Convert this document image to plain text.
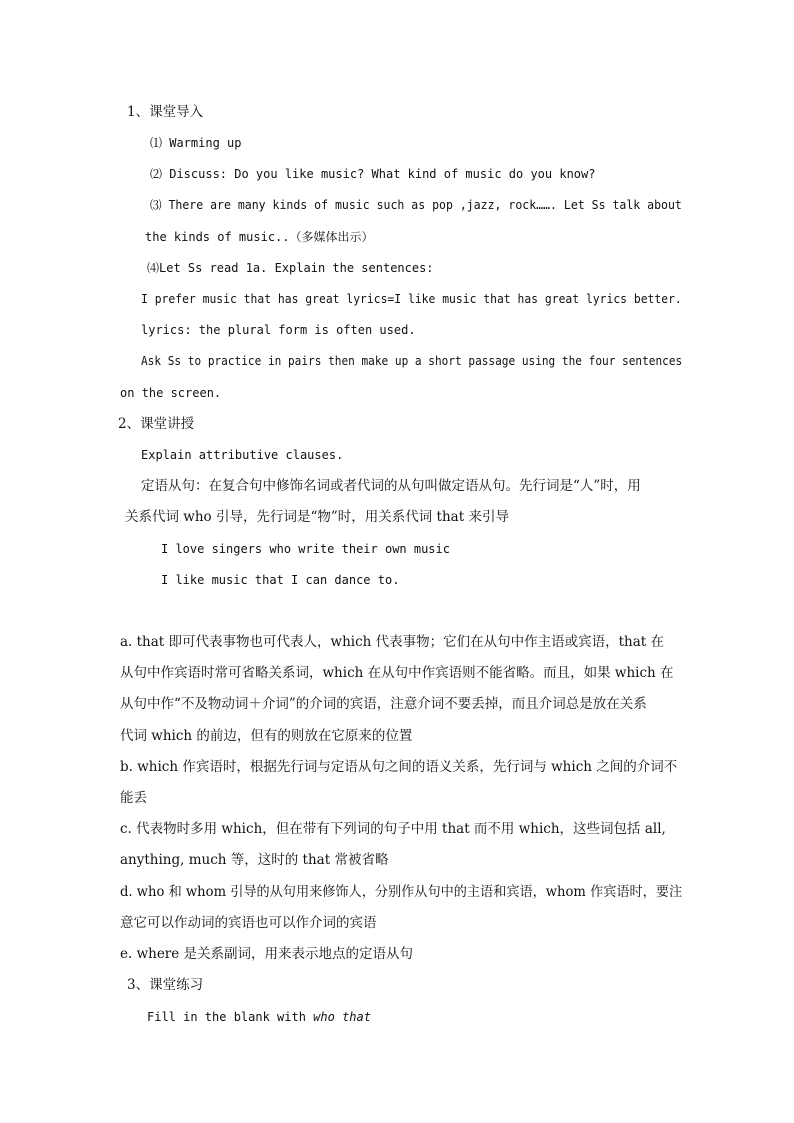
1、课堂导入
⑴ Warming up
⑵ Discuss: Do you like music? What kind of music do you know?
⑶ There are many kinds of music such as pop ,jazz, rock……. Let Ss talk about
the kinds of music..（多媒体出示）
⑷Let Ss read 1a. Explain the sentences:
I prefer music that has great lyrics=I like music that has great lyrics better.
lyrics: the plural form is often used.
Ask Ss to practice in pairs then make up a short passage using the four sentences
on the screen.
2、课堂讲授
Explain attributive clauses.
定语从句：在复合句中修饰名词或者代词的从句叫做定语从句。先行词是“人”时，用
关系代词 who 引导，先行词是“物”时，用关系代词 that 来引导
I love singers who write their own music
I like music that I can dance to.
a. that 即可代表事物也可代表人，which 代表事物；它们在从句中作主语或宾语，that 在
从句中作宾语时常可省略关系词，which 在从句中作宾语则不能省略。而且，如果 which 在
从句中作“不及物动词＋介词”的介词的宾语，注意介词不要丢掉，而且介词总是放在关系
代词 which 的前边，但有的则放在它原来的位置
b. which 作宾语时，根据先行词与定语从句之间的语义关系，先行词与 which 之间的介词不
能丢
c. 代表物时多用 which，但在带有下列词的句子中用 that 而不用 which，这些词包括 all,
anything, much 等，这时的 that 常被省略
d. who 和 whom 引导的从句用来修饰人，分别作从句中的主语和宾语，whom 作宾语时，要注
意它可以作动词的宾语也可以作介词的宾语
e. where 是关系副词，用来表示地点的定语从句
3、课堂练习
Fill in the blank with who that
